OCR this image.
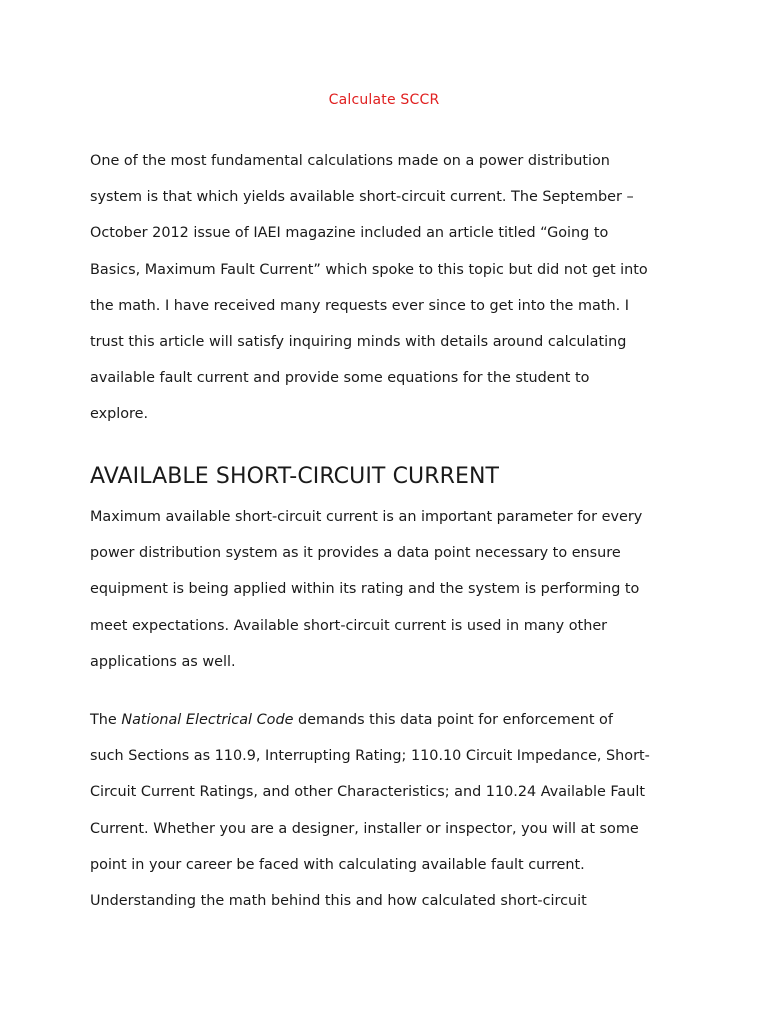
Calculate SCCR
One of the most fundamental calculations made on a power distribution
system is that which yields available short-circuit current. The September –
October 2012 issue of IAEI magazine included an article titled “Going to
Basics, Maximum Fault Current” which spoke to this topic but did not get into
the math. I have received many requests ever since to get into the math. I
trust this article will satisfy inquiring minds with details around calculating
available fault current and provide some equations for the student to
explore.
AVAILABLE SHORT-CIRCUIT CURRENT
Maximum available short-circuit current is an important parameter for every
power distribution system as it provides a data point necessary to ensure
equipment is being applied within its rating and the system is performing to
meet expectations. Available short-circuit current is used in many other
applications as well.
The National Electrical Code demands this data point for enforcement of
such Sections as 110.9, Interrupting Rating; 110.10 Circuit Impedance, Short-
Circuit Current Ratings, and other Characteristics; and 110.24 Available Fault
Current. Whether you are a designer, installer or inspector, you will at some
point in your career be faced with calculating available fault current.
Understanding the math behind this and how calculated short-circuit
